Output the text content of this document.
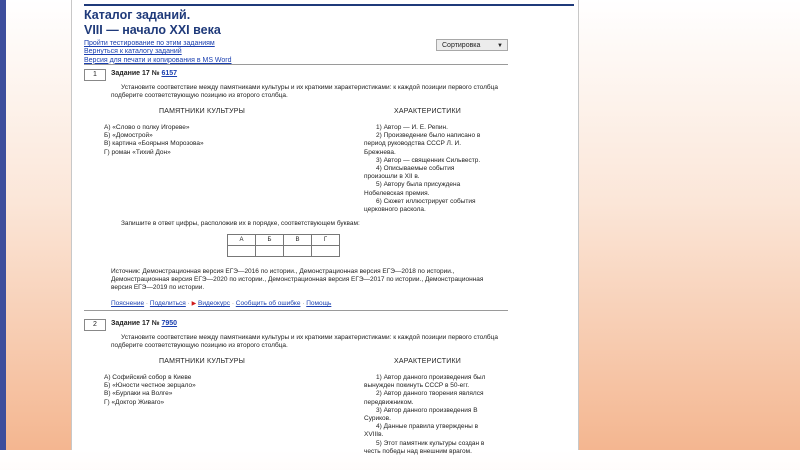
Каталог заданий.
VIII — начало XXI века
Пройти тестирование по этим заданиям
Вернуться к каталогу заданий
Версия для печати и копирования в MS Word
Сортировка	▼
1	Задание 17 № 6157
Установите соответствие между памятниками культуры и их краткими характеристиками: к каждой позиции первого столбца подберите соответствующую позицию из второго столбца.
ПАМЯТНИКИ КУЛЬТУРЫ
А) «Слово о полку Игореве»
Б) «Домострой»
В) картина «Боярыня Морозова»
Г) роман «Тихий Дон»
ХАРАКТЕРИСТИКИ
1) Автор — И. Е. Репин.
2) Произведение было написано в период руководства СССР Л. И. Брежнева.
3) Автор — священник Сильвестр.
4) Описываемые события произошли в XII в.
5) Автору была присуждена Нобелевская премия.
6) Сюжет иллюстрирует события церковного раскола.
Запишите в ответ цифры, расположив их в порядке, соответствующем буквам:
А	Б	В	Г

Источник: Демонстрационная версия ЕГЭ—2016 по истории., Демонстрационная версия ЕГЭ—2018 по истории., Демонстрационная версия ЕГЭ—2020 по истории., Демонстрационная версия ЕГЭ—2017 по истории., Демонстрационная версия ЕГЭ—2019 по истории.
Пояснение · Поделиться · ▶ Видеокурс · Сообщить об ошибке · Помощь
2	Задание 17 № 7950
Установите соответствие между памятниками культуры и их краткими характеристиками: к каждой позиции первого столбца подберите соответствующую позицию из второго столбца.
ПАМЯТНИКИ КУЛЬТУРЫ
А) Софийский собор в Киеве
Б) «Юности честное зерцало»
В) «Бурлаки на Волге»
Г) «Доктор Живаго»
ХАРАКТЕРИСТИКИ
1) Автор данного произведения был вынужден покинуть СССР в 50-егг.
2) Автор данного творения являлся передвижником.
3) Автор данного произведения В Суриков.
4) Данные правила утверждены в XVIIIв.
5) Этот памятник культуры создан в честь победы над внешним врагом.
